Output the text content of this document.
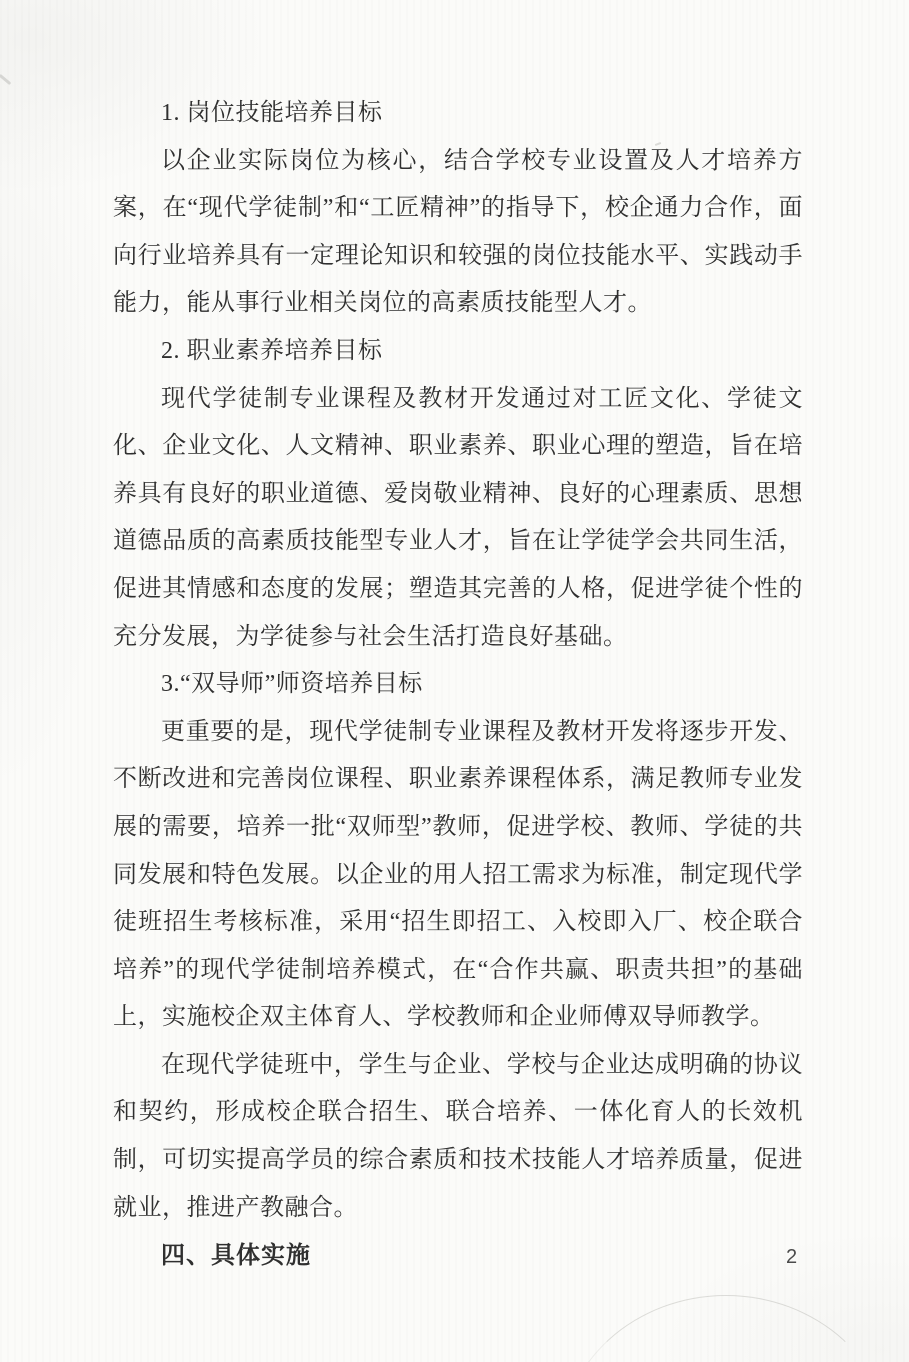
1. 岗位技能培养目标

以企业实际岗位为核心，结合学校专业设置及人才培养方案，在“现代学徒制”和“工匠精神”的指导下，校企通力合作，面向行业培养具有一定理论知识和较强的岗位技能水平、实践动手能力，能从事行业相关岗位的高素质技能型人才。

2. 职业素养培养目标

现代学徒制专业课程及教材开发通过对工匠文化、学徒文化、企业文化、人文精神、职业素养、职业心理的塑造，旨在培养具有良好的职业道德、爱岗敬业精神、良好的心理素质、思想道德品质的高素质技能型专业人才，旨在让学徒学会共同生活，促进其情感和态度的发展；塑造其完善的人格，促进学徒个性的充分发展，为学徒参与社会生活打造良好基础。

3.“双导师”师资培养目标

更重要的是，现代学徒制专业课程及教材开发将逐步开发、不断改进和完善岗位课程、职业素养课程体系，满足教师专业发展的需要，培养一批“双师型”教师，促进学校、教师、学徒的共同发展和特色发展。以企业的用人招工需求为标准，制定现代学徒班招生考核标准，采用“招生即招工、入校即入厂、校企联合培养”的现代学徒制培养模式，在“合作共赢、职责共担”的基础上，实施校企双主体育人、学校教师和企业师傅双导师教学。

在现代学徒班中，学生与企业、学校与企业达成明确的协议和契约，形成校企联合招生、联合培养、一体化育人的长效机制，可切实提高学员的综合素质和技术技能人才培养质量，促进就业，推进产教融合。

四、具体实施	2
